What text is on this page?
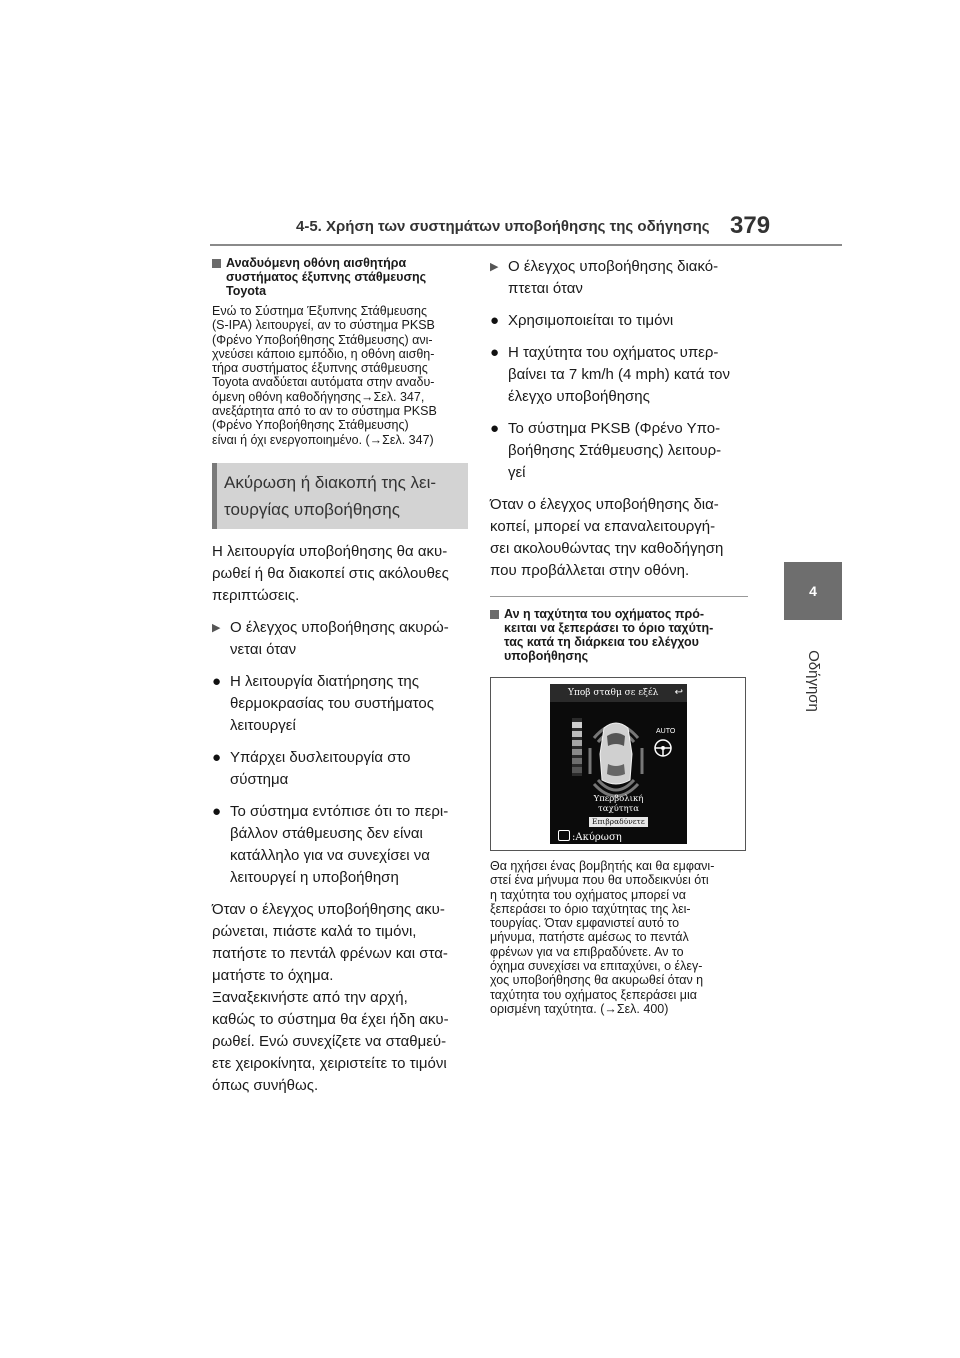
4-5. Χρήση των συστημάτων υποβοήθησης της οδήγησης 379
4
Οδήγηση
Αναδυόμενη οθόνη αισθητήρα
συστήματος έξυπνης στάθμευσης
Toyota

Ενώ το Σύστημα Έξυπνης Στάθμευσης

(S-IPA) λειτουργεί, αν το σύστημα PKSB

(Φρένο Υποβοήθησης Στάθμευσης) ανι-

χνεύσει κάποιο εμπόδιο, η οθόνη αισθη-

τήρα συστήματος έξυπνης στάθμευσης

Toyota αναδύεται αυτόματα στην αναδυ-

όμενη οθόνη καθοδήγησης→Σελ. 347,

ανεξάρτητα από το αν το σύστημα PKSB

(Φρένο Υποβοήθησης Στάθμευσης)

είναι ή όχι ενεργοποιημένο. (→Σελ. 347)

Ακύρωση ή διακοπή της λει-
τουργίας υποβοήθησης

Η λειτουργία υποβοήθησης θα ακυ-

ρωθεί ή θα διακοπεί στις ακόλουθες

περιπτώσεις.

▶ Ο έλεγχος υποβοήθησης ακυρώ-
νεται όταν
● Η λειτουργία διατήρησης της
θερμοκρασίας του συστήματος
λειτουργεί
● Υπάρχει δυσλειτουργία στο
σύστημα
● Το σύστημα εντόπισε ότι το περι-
βάλλον στάθμευσης δεν είναι
κατάλληλο για να συνεχίσει να
λειτουργεί η υποβοήθηση

Όταν ο έλεγχος υποβοήθησης ακυ-

ρώνεται, πιάστε καλά το τιμόνι,

πατήστε το πεντάλ φρένων και στα-

ματήστε το όχημα.

Ξαναξεκινήστε από την αρχή,

καθώς το σύστημα θα έχει ήδη ακυ-

ρωθεί. Ενώ συνεχίζετε να σταθμεύ-

ετε χειροκίνητα, χειριστείτε το τιμόνι

όπως συνήθως.

▶ Ο έλεγχος υποβοήθησης διακό-
πτεται όταν
● Χρησιμοποιείται το τιμόνι
● Η ταχύτητα του οχήματος υπερ-
βαίνει τα 7 km/h (4 mph) κατά τον
έλεγχο υποβοήθησης
● Το σύστημα PKSB (Φρένο Υπο-
βοήθησης Στάθμευσης) λειτουρ-
γεί

Όταν ο έλεγχος υποβοήθησης δια-

κοπεί, μπορεί να επαναλειτουργή-

σει ακολουθώντας την καθοδήγηση

που προβάλλεται στην οθόνη.

Αν η ταχύτητα του οχήματος πρό-
κειται να ξεπεράσει το όριο ταχύτη-
τας κατά τη διάρκεια του ελέγχου
υποβοήθησης
Υποβ σταθμ σε εξέλ	↩
AUTO
Υπερβολική
ταχύτητα
Επιβραδύνετε
:Ακύρωση

Θα ηχήσει ένας βομβητής και θα εμφανι-

στεί ένα μήνυμα που θα υποδεικνύει ότι

η ταχύτητα του οχήματος μπορεί να

ξεπεράσει το όριο ταχύτητας της λει-

τουργίας. Όταν εμφανιστεί αυτό το

μήνυμα, πατήστε αμέσως το πεντάλ

φρένων για να επιβραδύνετε. Αν το

όχημα συνεχίσει να επιταχύνει, ο έλεγ-

χος υποβοήθησης θα ακυρωθεί όταν η

ταχύτητα του οχήματος ξεπεράσει μια

ορισμένη ταχύτητα. (→Σελ. 400)
